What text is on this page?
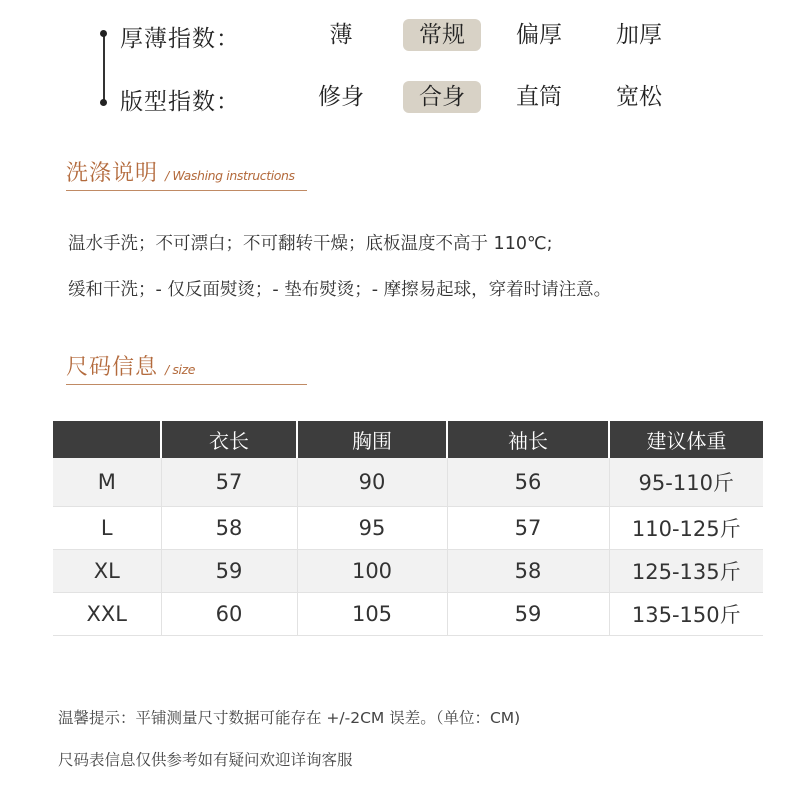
厚薄指数：	薄	常规	偏厚	加厚
版型指数：	修身	合身	直筒	宽松
洗涤说明 / Washing instructions
温水手洗；不可漂白；不可翻转干燥；底板温度不高于 110℃;
缓和干洗；- 仅反面熨烫；- 垫布熨烫；- 摩擦易起球，穿着时请注意。
尺码信息 / size
	衣长	胸围	袖长	建议体重
M	57	90	56	95-110斤
L	58	95	57	110-125斤
XL	59	100	58	125-135斤
XXL	60	105	59	135-150斤
温馨提示：平铺测量尺寸数据可能存在 +/-2CM 误差。（单位：CM)
尺码表信息仅供参考如有疑问欢迎详询客服
